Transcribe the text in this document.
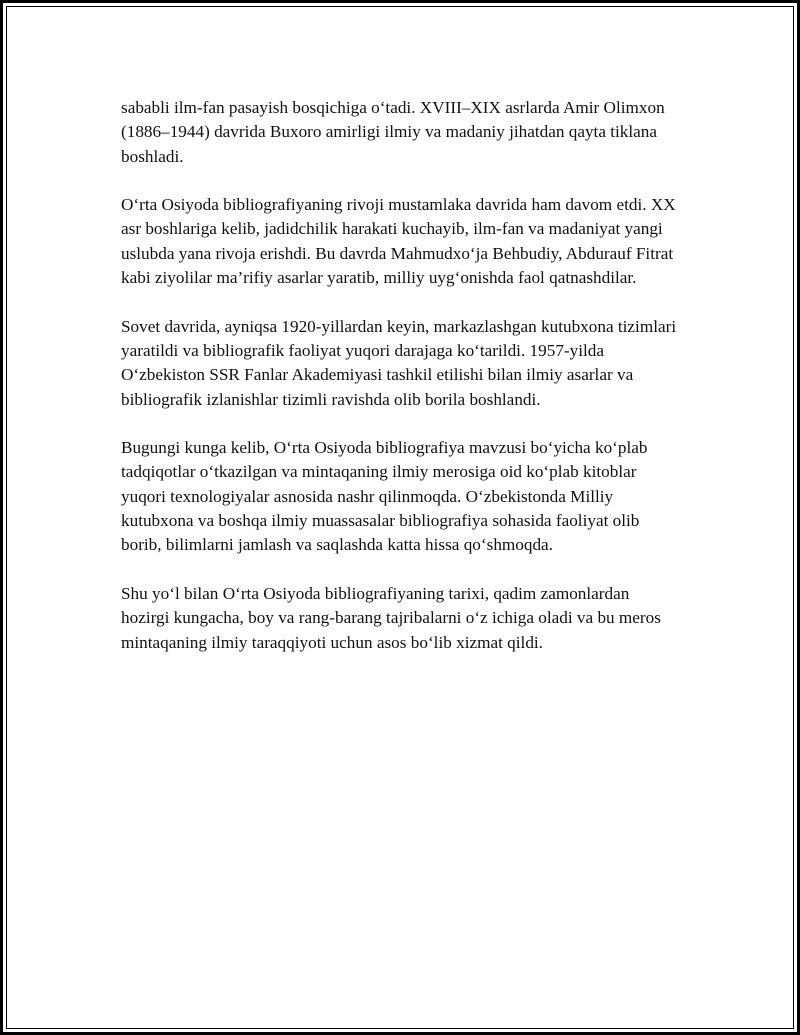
sababli ilm-fan pasayish bosqichiga o‘tadi. XVIII–XIX asrlarda Amir Olimxon (1886–1944) davrida Buxoro amirligi ilmiy va madaniy jihatdan qayta tiklana boshladi.

O‘rta Osiyoda bibliografiyaning rivoji mustamlaka davrida ham davom etdi. XX asr boshlariga kelib, jadidchilik harakati kuchayib, ilm-fan va madaniyat yangi uslubda yana rivoja erishdi. Bu davrda Mahmudxo‘ja Behbudiy, Abdurauf Fitrat kabi ziyolilar ma’rifiy asarlar yaratib, milliy uyg‘onishda faol qatnashdilar.

Sovet davrida, ayniqsa 1920-yillardan keyin, markazlashgan kutubxona tizimlari yaratildi va bibliografik faoliyat yuqori darajaga ko‘tarildi. 1957-yilda O‘zbekiston SSR Fanlar Akademiyasi tashkil etilishi bilan ilmiy asarlar va bibliografik izlanishlar tizimli ravishda olib borila boshlandi.

Bugungi kunga kelib, O‘rta Osiyoda bibliografiya mavzusi bo‘yicha ko‘plab tadqiqotlar o‘tkazilgan va mintaqaning ilmiy merosiga oid ko‘plab kitoblar yuqori texnologiyalar asnosida nashr qilinmoqda. O‘zbekistonda Milliy kutubxona va boshqa ilmiy muassasalar bibliografiya sohasida faoliyat olib borib, bilimlarni jamlash va saqlashda katta hissa qo‘shmoqda.

Shu yo‘l bilan O‘rta Osiyoda bibliografiyaning tarixi, qadim zamonlardan hozirgi kungacha, boy va rang-barang tajribalarni o‘z ichiga oladi va bu meros mintaqaning ilmiy taraqqiyoti uchun asos bo‘lib xizmat qildi.
